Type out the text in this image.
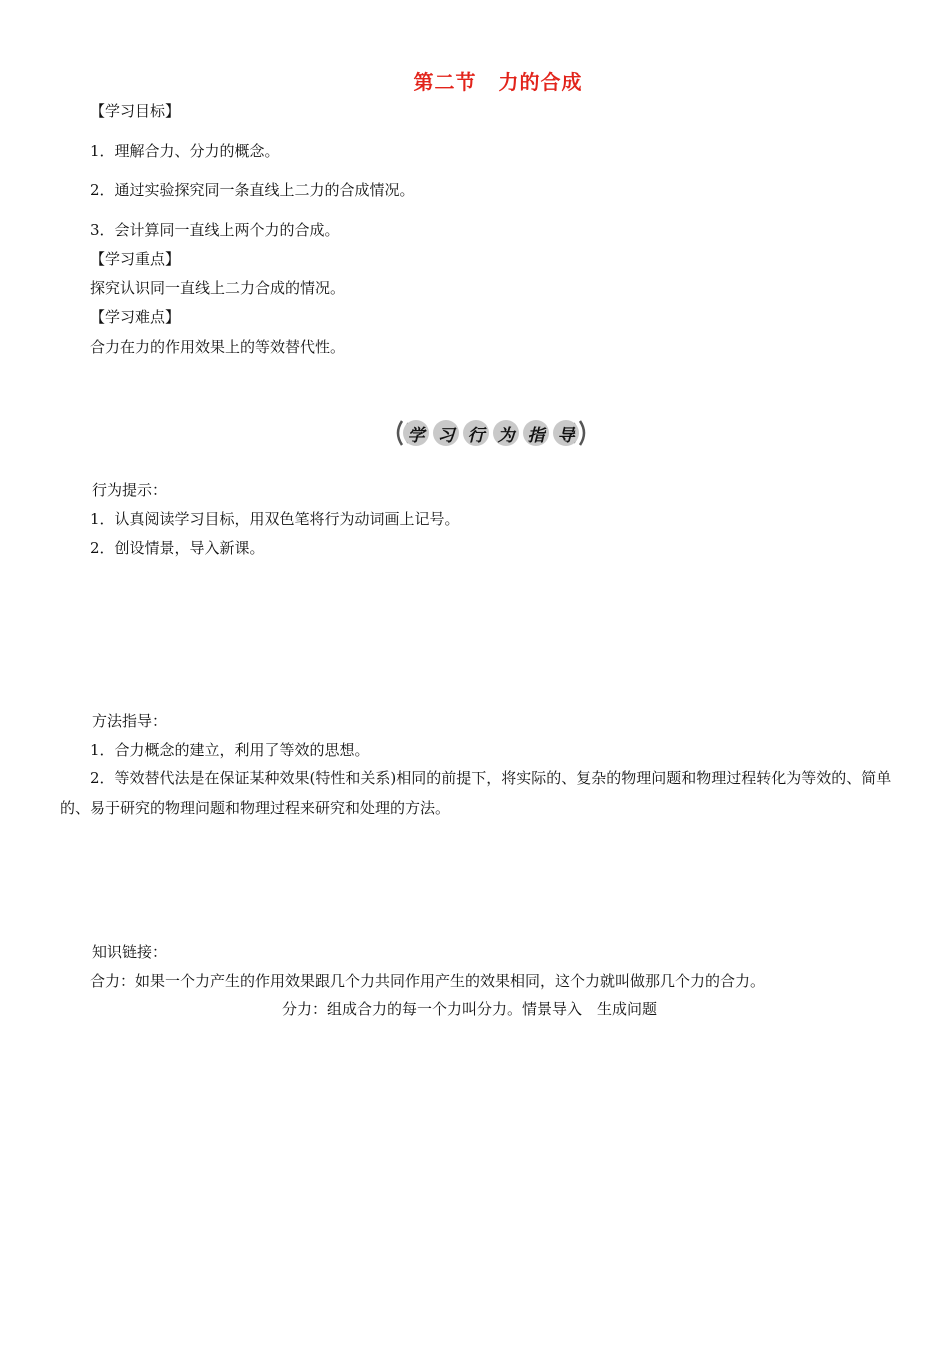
第二节 力的合成
【学习目标】
1．理解合力、分力的概念。
2．通过实验探究同一条直线上二力的合成情况。
3．会计算同一直线上两个力的合成。
【学习重点】
探究认识同一直线上二力合成的情况。
【学习难点】
合力在力的作用效果上的等效替代性。
学 习 行 为 指 导
行为提示：
1．认真阅读学习目标，用双色笔将行为动词画上记号。
2．创设情景，导入新课。
方法指导：
1．合力概念的建立，利用了等效的思想。
2．等效替代法是在保证某种效果(特性和关系)相同的前提下，将实际的、复杂的物理问题和物理过程转化为等效的、简单的、易于研究的物理问题和物理过程来研究和处理的方法。
知识链接：
合力：如果一个力产生的作用效果跟几个力共同作用产生的效果相同，这个力就叫做那几个力的合力。
分力：组成合力的每一个力叫分力。情景导入　生成问题
